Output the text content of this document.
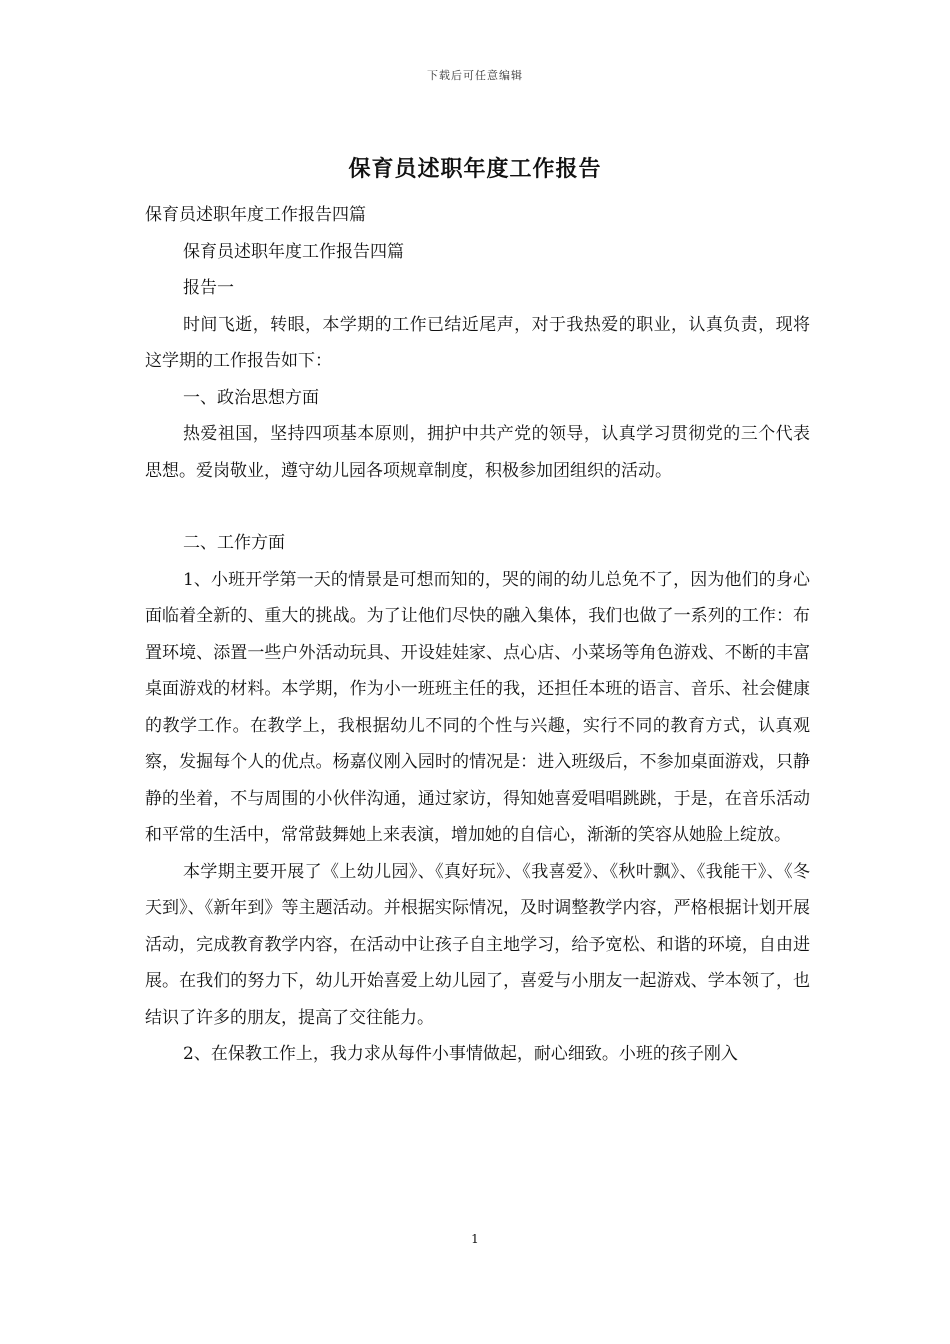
下载后可任意编辑
保育员述职年度工作报告

保育员述职年度工作报告四篇

保育员述职年度工作报告四篇

报告一

时间飞逝，转眼，本学期的工作已结近尾声，对于我热爱的职业，认真负责，现将这学期的工作报告如下：

一、政治思想方面

热爱祖国，坚持四项基本原则，拥护中共产党的领导，认真学习贯彻党的三个代表思想。爱岗敬业，遵守幼儿园各项规章制度，积极参加团组织的活动。

二、工作方面

1、小班开学第一天的情景是可想而知的，哭的闹的幼儿总免不了，因为他们的身心面临着全新的、重大的挑战。为了让他们尽快的融入集体，我们也做了一系列的工作：布置环境、添置一些户外活动玩具、开设娃娃家、点心店、小菜场等角色游戏、不断的丰富桌面游戏的材料。本学期，作为小一班班主任的我，还担任本班的语言、音乐、社会健康的教学工作。在教学上，我根据幼儿不同的个性与兴趣，实行不同的教育方式，认真观察，发掘每个人的优点。杨嘉仪刚入园时的情况是：进入班级后，不参加桌面游戏，只静静的坐着，不与周围的小伙伴沟通，通过家访，得知她喜爱唱唱跳跳，于是，在音乐活动和平常的生活中，常常鼓舞她上来表演，增加她的自信心，渐渐的笑容从她脸上绽放。

本学期主要开展了《上幼儿园》、《真好玩》、《我喜爱》、《秋叶飘》、《我能干》、《冬天到》、《新年到》等主题活动。并根据实际情况，及时调整教学内容，严格根据计划开展活动，完成教育教学内容，在活动中让孩子自主地学习，给予宽松、和谐的环境，自由进展。在我们的努力下，幼儿开始喜爱上幼儿园了，喜爱与小朋友一起游戏、学本领了，也结识了许多的朋友，提高了交往能力。

2、在保教工作上，我力求从每件小事情做起，耐心细致。小班的孩子刚入

1
